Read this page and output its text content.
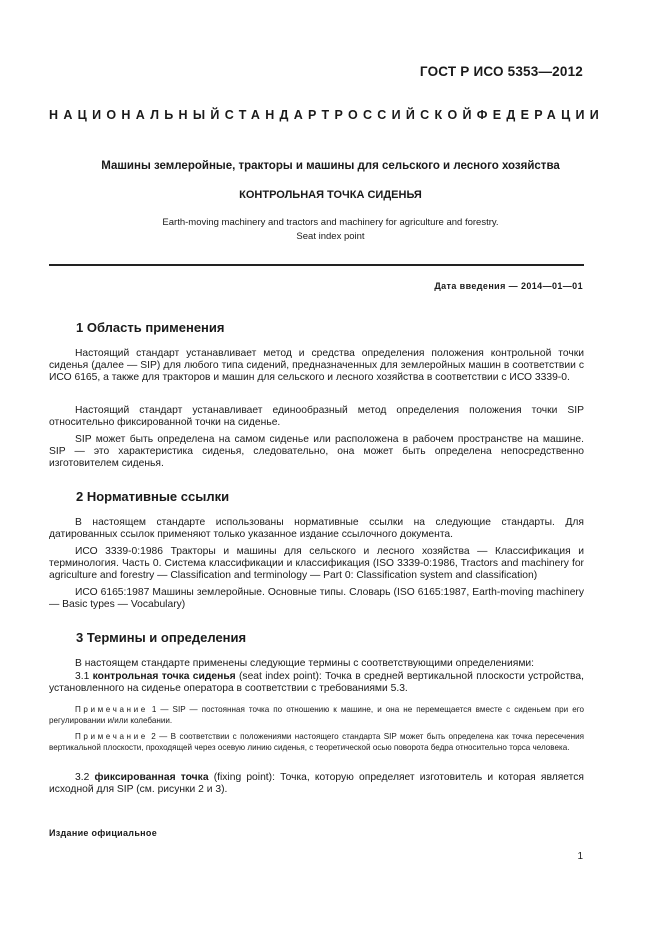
ГОСТ Р ИСО 5353—2012
НАЦИОНАЛЬНЫЙ СТАНДАРТ РОССИЙСКОЙ ФЕДЕРАЦИИ
Машины землеройные, тракторы и машины для сельского и лесного хозяйства
КОНТРОЛЬНАЯ ТОЧКА СИДЕНЬЯ
Earth-moving machinery and tractors and machinery for agriculture and forestry.
Seat index point
Дата введения — 2014—01—01
1 Область применения
Настоящий стандарт устанавливает метод и средства определения положения контрольной точки сиденья (далее — SIP) для любого типа сидений, предназначенных для землеройных машин в соответствии с ИСО 6165, а также для тракторов и машин для сельского и лесного хозяйства в соответствии с ИСО 3339-0.
Настоящий стандарт устанавливает единообразный метод определения положения точки SIP относительно фиксированной точки на сиденье.
SIP может быть определена на самом сиденье или расположена в рабочем пространстве на машине. SIP — это характеристика сиденья, следовательно, она может быть определена непосредственно изготовителем сиденья.
2 Нормативные ссылки
В настоящем стандарте использованы нормативные ссылки на следующие стандарты. Для датированных ссылок применяют только указанное издание ссылочного документа.
ИСО 3339-0:1986 Тракторы и машины для сельского и лесного хозяйства — Классификация и терминология. Часть 0. Система классификации и классификация (ISO 3339-0:1986, Tractors and machinery for agriculture and forestry — Classification and terminology — Part 0: Classification system and classification)
ИСО 6165:1987 Машины землеройные. Основные типы. Словарь (ISO 6165:1987, Earth-moving machinery — Basic types — Vocabulary)
3 Термины и определения
В настоящем стандарте применены следующие термины с соответствующими определениями:
3.1 контрольная точка сиденья (seat index point): Точка в средней вертикальной плоскости устройства, установленного на сиденье оператора в соответствии с требованиями 5.3.
Примечание 1 — SIP — постоянная точка по отношению к машине, и она не перемещается вместе с сиденьем при его регулировании и/или колебании.
Примечание 2 — В соответствии с положениями настоящего стандарта SIP может быть определена как точка пересечения вертикальной плоскости, проходящей через осевую линию сиденья, с теоретической осью поворота бедра относительно торса человека.
3.2 фиксированная точка (fixing point): Точка, которую определяет изготовитель и которая является исходной для SIP (см. рисунки 2 и 3).
Издание официальное
1
